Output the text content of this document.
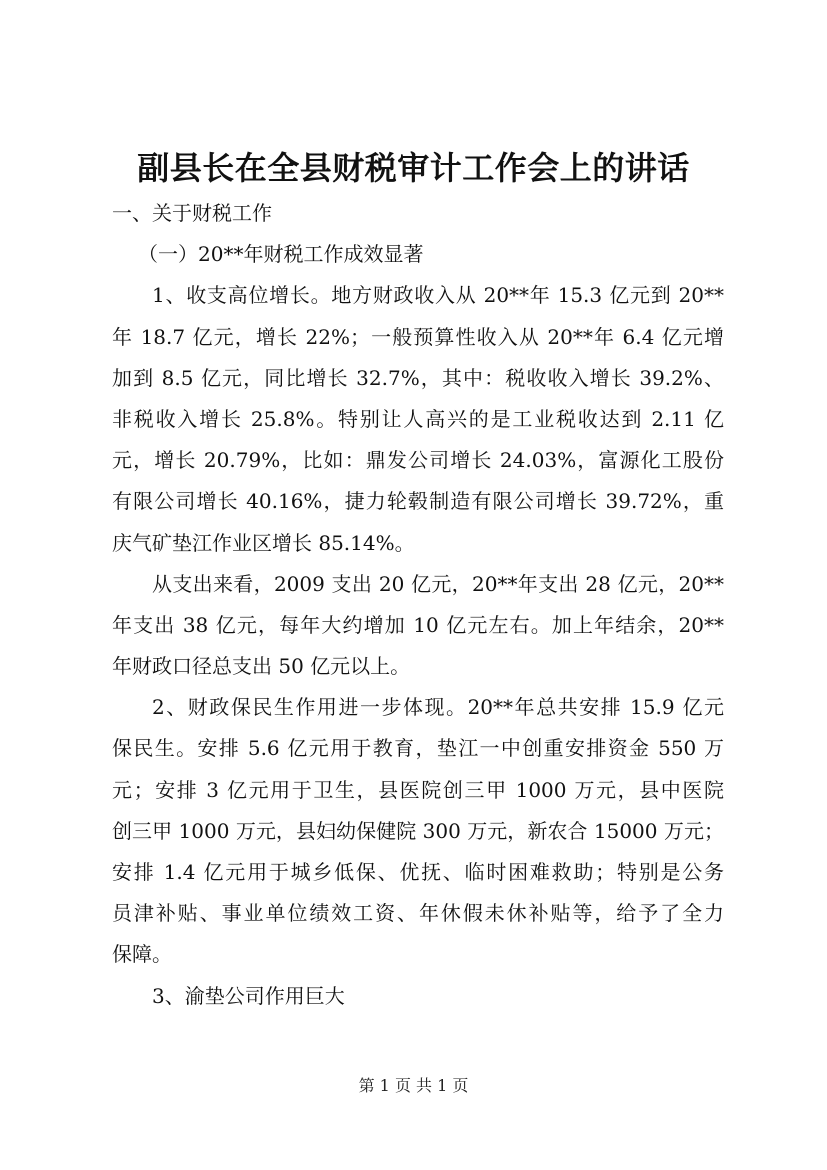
副县长在全县财税审计工作会上的讲话
一、关于财税工作
（一）20**年财税工作成效显著
1、收支高位增长。地方财政收入从 20**年 15.3 亿元到 20**
年 18.7 亿元，增长 22%；一般预算性收入从 20**年 6.4 亿元增
加到 8.5 亿元，同比增长 32.7%，其中：税收收入增长 39.2%、
非税收入增长 25.8%。特别让人高兴的是工业税收达到 2.11 亿
元，增长 20.79%，比如：鼎发公司增长 24.03%，富源化工股份
有限公司增长 40.16%，捷力轮毂制造有限公司增长 39.72%，重
庆气矿垫江作业区增长 85.14%。
从支出来看，2009 支出 20 亿元，20**年支出 28 亿元，20**
年支出 38 亿元，每年大约增加 10 亿元左右。加上年结余，20**
年财政口径总支出 50 亿元以上。
2、财政保民生作用进一步体现。20**年总共安排 15.9 亿元
保民生。安排 5.6 亿元用于教育，垫江一中创重安排资金 550 万
元；安排 3 亿元用于卫生，县医院创三甲 1000 万元，县中医院
创三甲 1000 万元，县妇幼保健院 300 万元，新农合 15000 万元；
安排 1.4 亿元用于城乡低保、优抚、临时困难救助；特别是公务
员津补贴、事业单位绩效工资、年休假未休补贴等，给予了全力
保障。
3、渝垫公司作用巨大
第 1 页 共 1 页
